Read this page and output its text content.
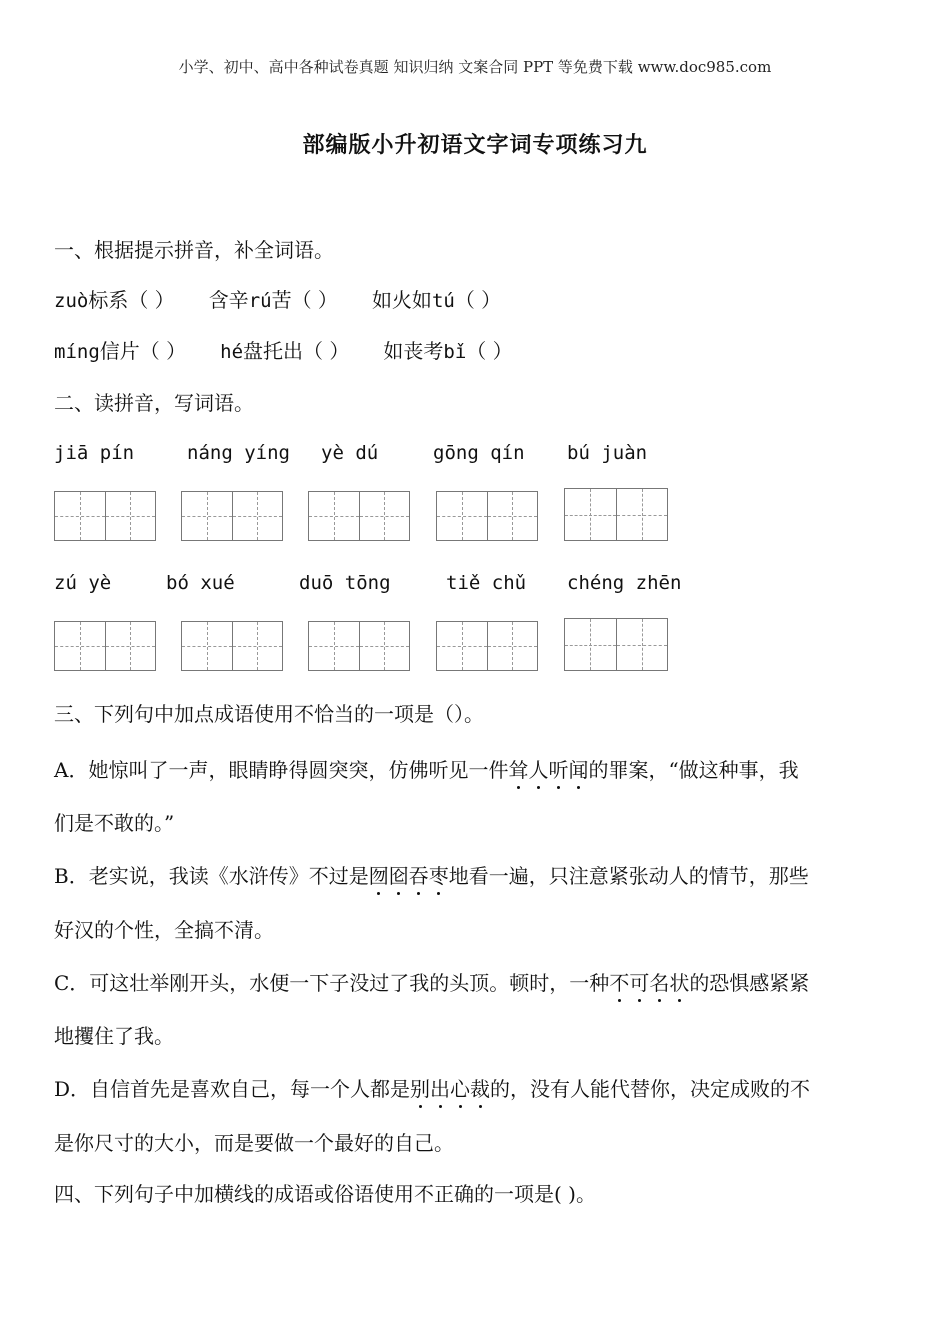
小学、初中、高中各种试卷真题 知识归纳 文案合同 PPT 等免费下载 www.doc985.com
部编版小升初语文字词专项练习九
一、根据提示拼音，补全词语。
zuò标系（ ） 含辛rú苦（ ） 如火如tú（ ）
míng信片（ ） hé盘托出（ ） 如丧考bǐ（ ）
二、读拼音，写词语。
jiā pín	náng yíng yè dú	gōng qín bú juàn
zú yè	bó xué	duō tōng	tiě chǔ chéng zhēn
三、下列句中加点成语使用不恰当的一项是（）。
A．她惊叫了一声，眼睛睁得圆突突，仿佛听见一件耸人听闻的罪案，“做这种事，我
们是不敢的。”
B．老实说，我读《水浒传》不过是囫囵吞枣地看一遍，只注意紧张动人的情节，那些
好汉的个性，全搞不清。
C．可这壮举刚开头，水便一下子没过了我的头顶。顿时，一种不可名状的恐惧感紧紧
地攫住了我。
D．自信首先是喜欢自己，每一个人都是别出心裁的，没有人能代替你，决定成败的不
是你尺寸的大小，而是要做一个最好的自己。
四、下列句子中加横线的成语或俗语使用不正确的一项是( )。
